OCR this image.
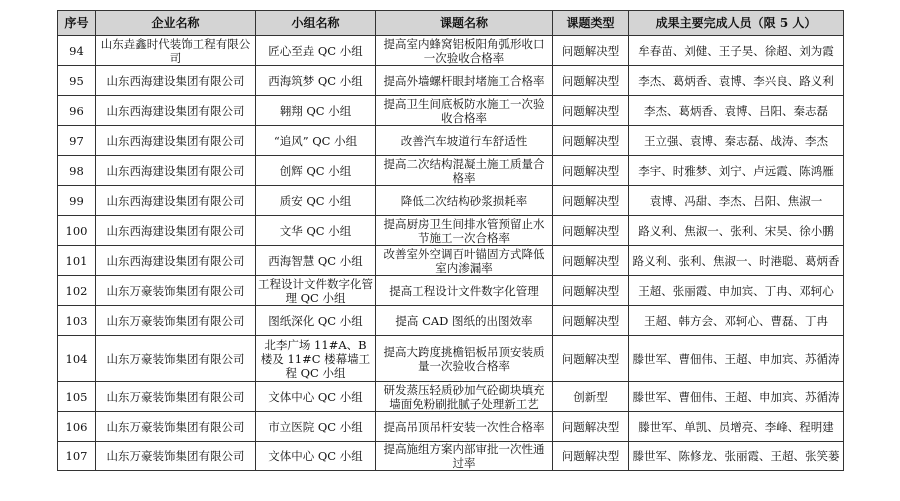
序号	企业名称	小组名称	课题名称	课题类型	成果主要完成人员（限 5 人）
94	山东垚鑫时代装饰工程有限公司	匠心至垚 QC 小组	提高室内蜂窝铝板阳角弧形收口一次验收合格率	问题解决型	牟春苗、刘健、王子昊、徐超、刘为霞
95	山东西海建设集团有限公司	西海筑梦 QC 小组	提高外墙螺杆眼封堵施工合格率	问题解决型	李杰、葛炳香、袁博、李兴良、路义利
96	山东西海建设集团有限公司	翱翔 QC 小组	提高卫生间底板防水施工一次验收合格率	问题解决型	李杰、葛炳香、袁博、吕阳、秦志磊
97	山东西海建设集团有限公司	“追风” QC 小组	改善汽车坡道行车舒适性	问题解决型	王立强、袁博、秦志磊、战涛、李杰
98	山东西海建设集团有限公司	创辉 QC 小组	提高二次结构混凝土施工质量合格率	问题解决型	李宇、时雅梦、刘宁、卢远霞、陈鸿雁
99	山东西海建设集团有限公司	质安 QC 小组	降低二次结构砂浆损耗率	问题解决型	袁博、冯甜、李杰、吕阳、焦淑一
100	山东西海建设集团有限公司	文华 QC 小组	提高厨房卫生间排水管预留止水节施工一次合格率	问题解决型	路义利、焦淑一、张利、宋昊、徐小鹏
101	山东西海建设集团有限公司	西海智慧 QC 小组	改善室外空调百叶锚固方式降低室内渗漏率	问题解决型	路义利、张利、焦淑一、时港聪、葛炳香
102	山东万豪装饰集团有限公司	工程设计文件数字化管理 QC 小组	提高工程设计文件数字化管理	问题解决型	王超、张丽霞、申加宾、丁冉、邓轲心
103	山东万豪装饰集团有限公司	图纸深化 QC 小组	提高 CAD 图纸的出图效率	问题解决型	王超、韩方会、邓轲心、曹磊、丁冉
104	山东万豪装饰集团有限公司	北李广场 11#A、B 楼及 11#C 楼幕墙工程 QC 小组	提高大跨度挑檐铝板吊顶安装质量一次验收合格率	问题解决型	滕世军、曹佃伟、王超、申加宾、苏循涛
105	山东万豪装饰集团有限公司	文体中心 QC 小组	研发蒸压轻质砂加气砼砌块填充墙面免粉刷批腻子处理新工艺	创新型	滕世军、曹佃伟、王超、申加宾、苏循涛
106	山东万豪装饰集团有限公司	市立医院 QC 小组	提高吊顶吊杆安装一次性合格率	问题解决型	滕世军、单凯、员增亮、李峰、程明建
107	山东万豪装饰集团有限公司	文体中心 QC 小组	提高施组方案内部审批一次性通过率	问题解决型	滕世军、陈修龙、张丽霞、王超、张笑蒌
